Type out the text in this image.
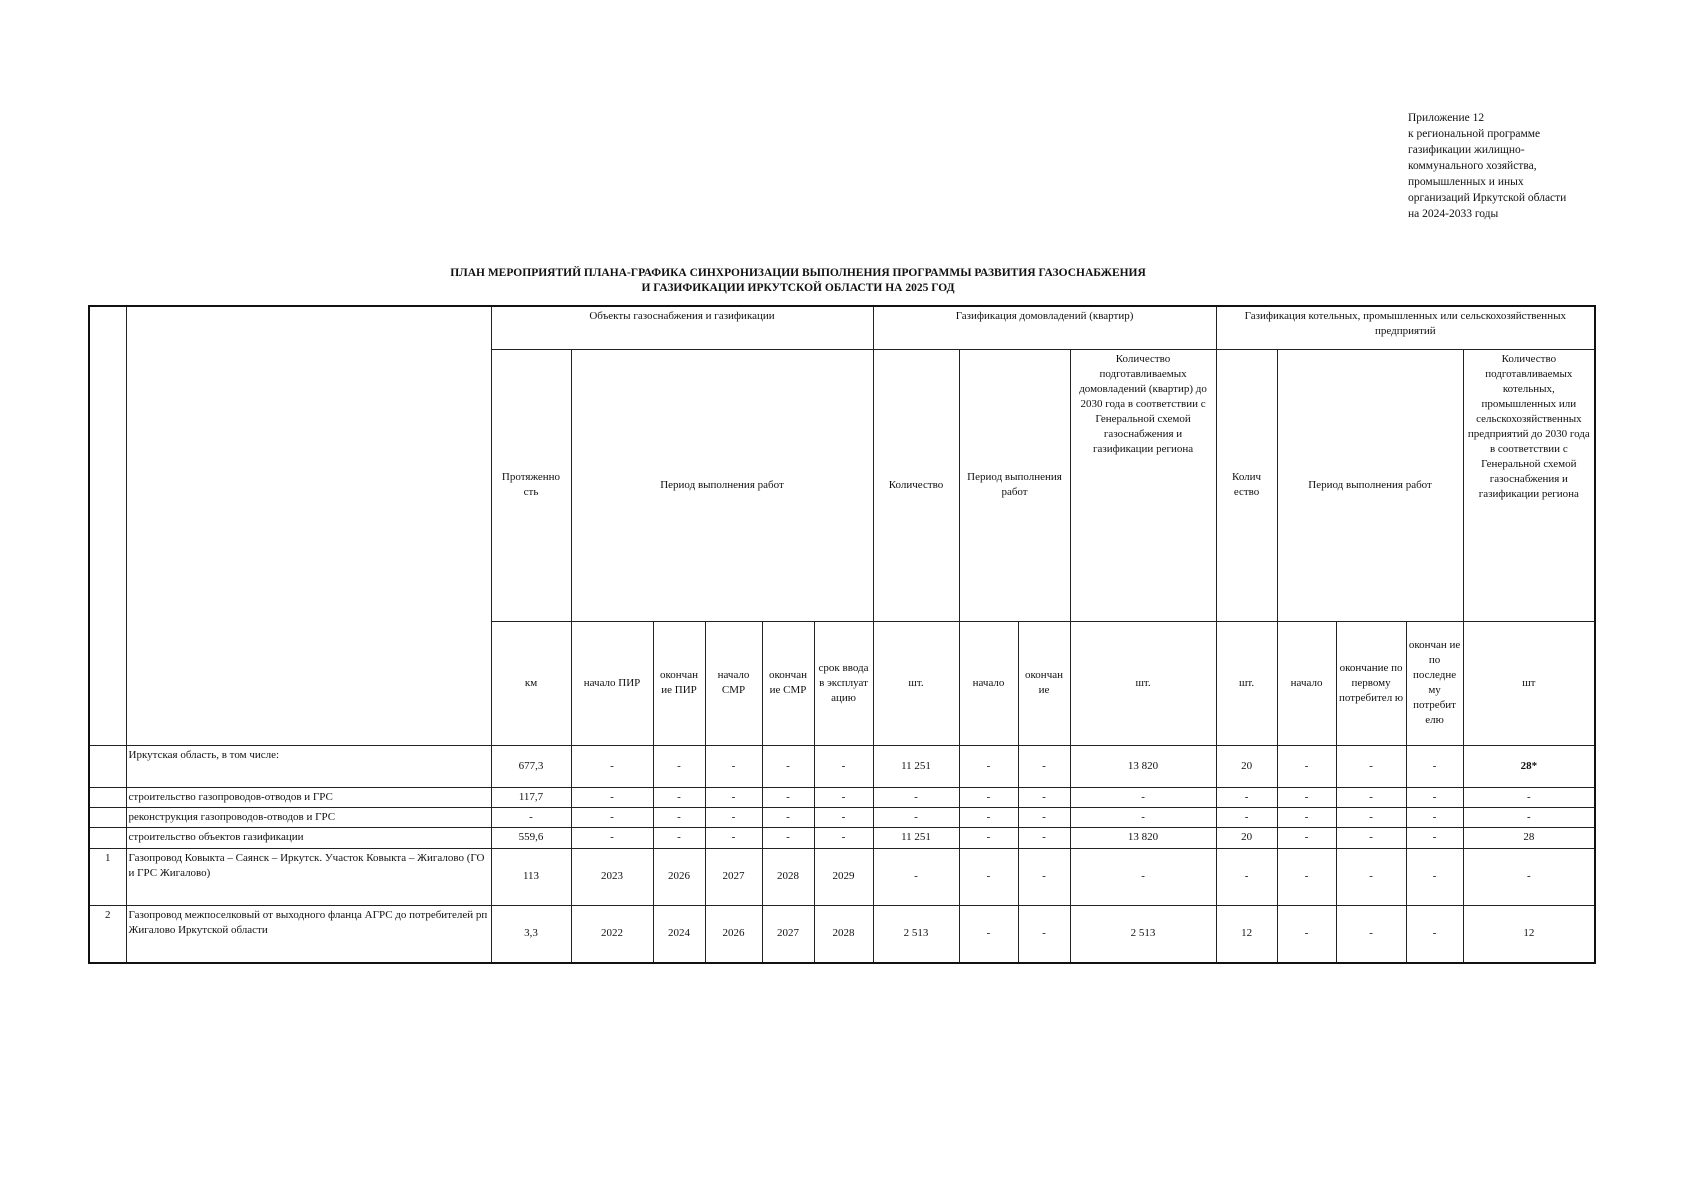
Приложение 12
к региональной программе
газификации жилищно-
коммунального хозяйства,
промышленных и иных
организаций Иркутской области
на 2024-2033 годы
ПЛАН МЕРОПРИЯТИЙ ПЛАНА-ГРАФИКА СИНХРОНИЗАЦИИ ВЫПОЛНЕНИЯ ПРОГРАММЫ РАЗВИТИЯ ГАЗОСНАБЖЕНИЯ
И ГАЗИФИКАЦИИ ИРКУТСКОЙ ОБЛАСТИ НА 2025 ГОД
		Объекты газоснабжения и газификации						Газификация домовладений (квартир)				Газификация котельных, промышленных или сельскохозяйственных предприятий				
		Протяженно сть	Период выполнения работ					Количество	Период выполнения работ		Количество подготавливаемых домовладений (квартир) до 2030 года в соответствии с Генеральной схемой газоснабжения и газификации региона	Колич ество	Период выполнения работ			Количество подготавливаемых котельных, промышленных или сельскохозяйственных предприятий до 2030 года в соответствии с Генеральной схемой газоснабжения и газификации региона
		км	начало ПИР	окончан ие ПИР	начало СМР	окончан ие СМР	срок ввода в эксплуат ацию	шт.	начало	окончан ие	шт.	шт.	начало	окончание по первому потребител ю	окончан ие по последне му потребит елю	шт
	Иркутская область, в том числе:	677,3	-	-	-	-	-	11 251	-	-	13 820	20	-	-	-	28*
	строительство газопроводов-отводов и ГРС	117,7	-	-	-	-	-	-	-	-	-	-	-	-	-	-
	реконструкция газопроводов-отводов и ГРС	-	-	-	-	-	-	-	-	-	-	-	-	-	-	-
	строительство объектов газификации	559,6	-	-	-	-	-	11 251	-	-	13 820	20	-	-	-	28
1	Газопровод Ковыкта – Саянск – Иркутск. Участок Ковыкта – Жигалово (ГО и ГРС Жигалово)	113	2023	2026	2027	2028	2029	-	-	-	-	-	-	-	-	-
2	Газопровод межпоселковый от выходного фланца АГРС до потребителей рп Жигалово Иркутской области	3,3	2022	2024	2026	2027	2028	2 513	-	-	2 513	12	-	-	-	12
